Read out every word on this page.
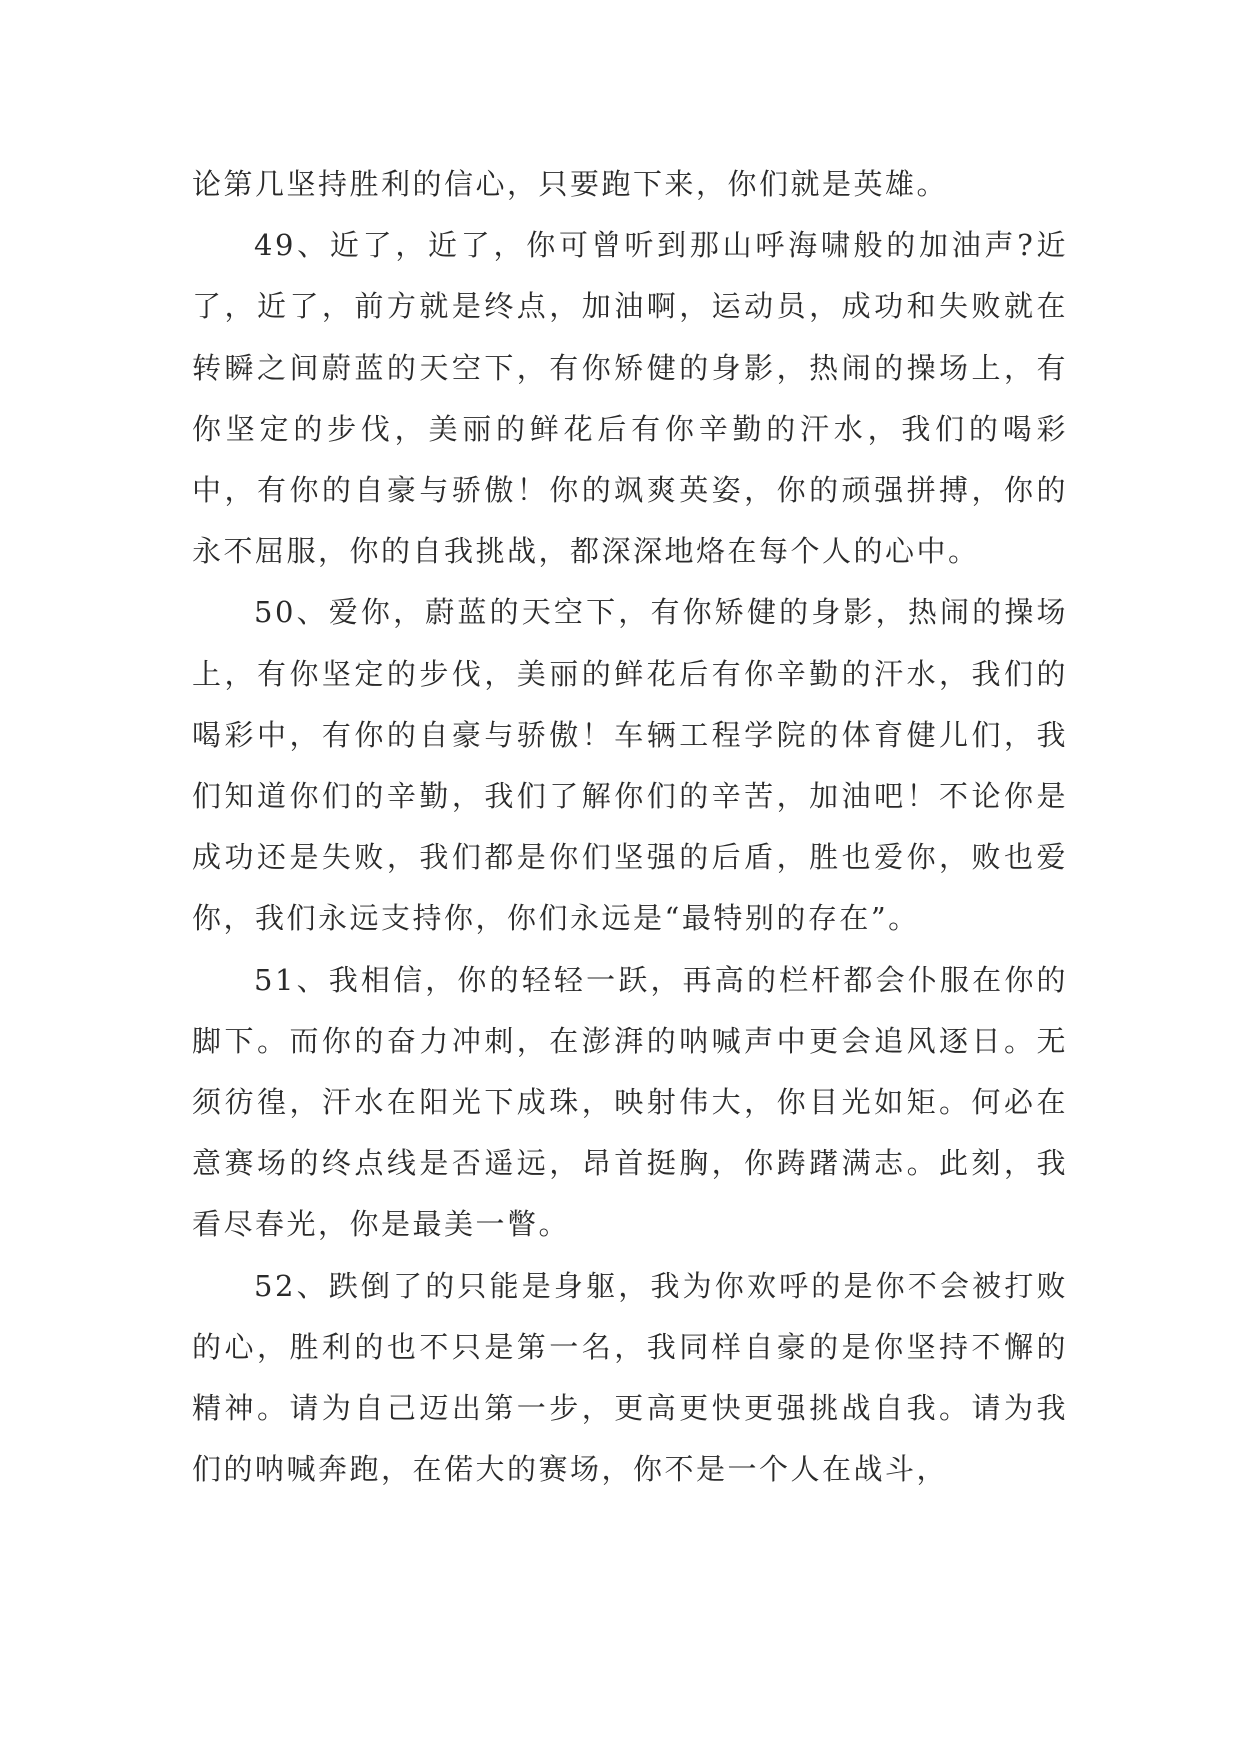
论第几坚持胜利的信心，只要跑下来，你们就是英雄。

49、近了，近了，你可曾听到那山呼海啸般的加油声?近了，近了，前方就是终点，加油啊，运动员，成功和失败就在转瞬之间蔚蓝的天空下，有你矫健的身影，热闹的操场上，有你坚定的步伐，美丽的鲜花后有你辛勤的汗水，我们的喝彩中，有你的自豪与骄傲！你的飒爽英姿，你的顽强拼搏，你的永不屈服，你的自我挑战，都深深地烙在每个人的心中。

50、爱你，蔚蓝的天空下，有你矫健的身影，热闹的操场上，有你坚定的步伐，美丽的鲜花后有你辛勤的汗水，我们的喝彩中，有你的自豪与骄傲！车辆工程学院的体育健儿们，我们知道你们的辛勤，我们了解你们的辛苦，加油吧！不论你是成功还是失败，我们都是你们坚强的后盾，胜也爱你，败也爱你，我们永远支持你，你们永远是“最特别的存在”。

51、我相信，你的轻轻一跃，再高的栏杆都会仆服在你的脚下。而你的奋力冲刺，在澎湃的呐喊声中更会追风逐日。无须彷徨，汗水在阳光下成珠，映射伟大，你目光如矩。何必在意赛场的终点线是否遥远，昂首挺胸，你踌躇满志。此刻，我看尽春光，你是最美一瞥。

52、跌倒了的只能是身躯，我为你欢呼的是你不会被打败的心，胜利的也不只是第一名，我同样自豪的是你坚持不懈的精神。请为自己迈出第一步，更高更快更强挑战自我。请为我们的呐喊奔跑，在偌大的赛场，你不是一个人在战斗，
